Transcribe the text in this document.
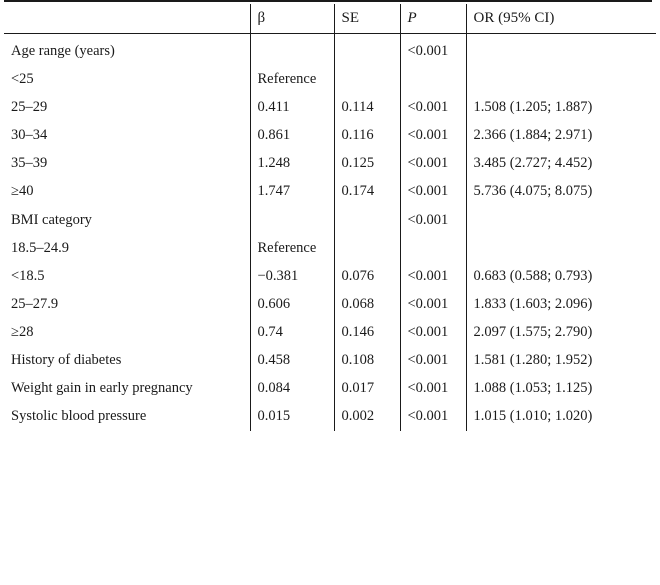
	β	SE	P	OR (95% CI)
Age range (years)			<0.001	
<25	Reference			
25–29	0.411	0.114	<0.001	1.508 (1.205; 1.887)
30–34	0.861	0.116	<0.001	2.366 (1.884; 2.971)
35–39	1.248	0.125	<0.001	3.485 (2.727; 4.452)
≥40	1.747	0.174	<0.001	5.736 (4.075; 8.075)
BMI category			<0.001	
18.5–24.9	Reference			
<18.5	−0.381	0.076	<0.001	0.683 (0.588; 0.793)
25–27.9	0.606	0.068	<0.001	1.833 (1.603; 2.096)
≥28	0.74	0.146	<0.001	2.097 (1.575; 2.790)
History of diabetes	0.458	0.108	<0.001	1.581 (1.280; 1.952)
Weight gain in early pregnancy	0.084	0.017	<0.001	1.088 (1.053; 1.125)
Systolic blood pressure	0.015	0.002	<0.001	1.015 (1.010; 1.020)
